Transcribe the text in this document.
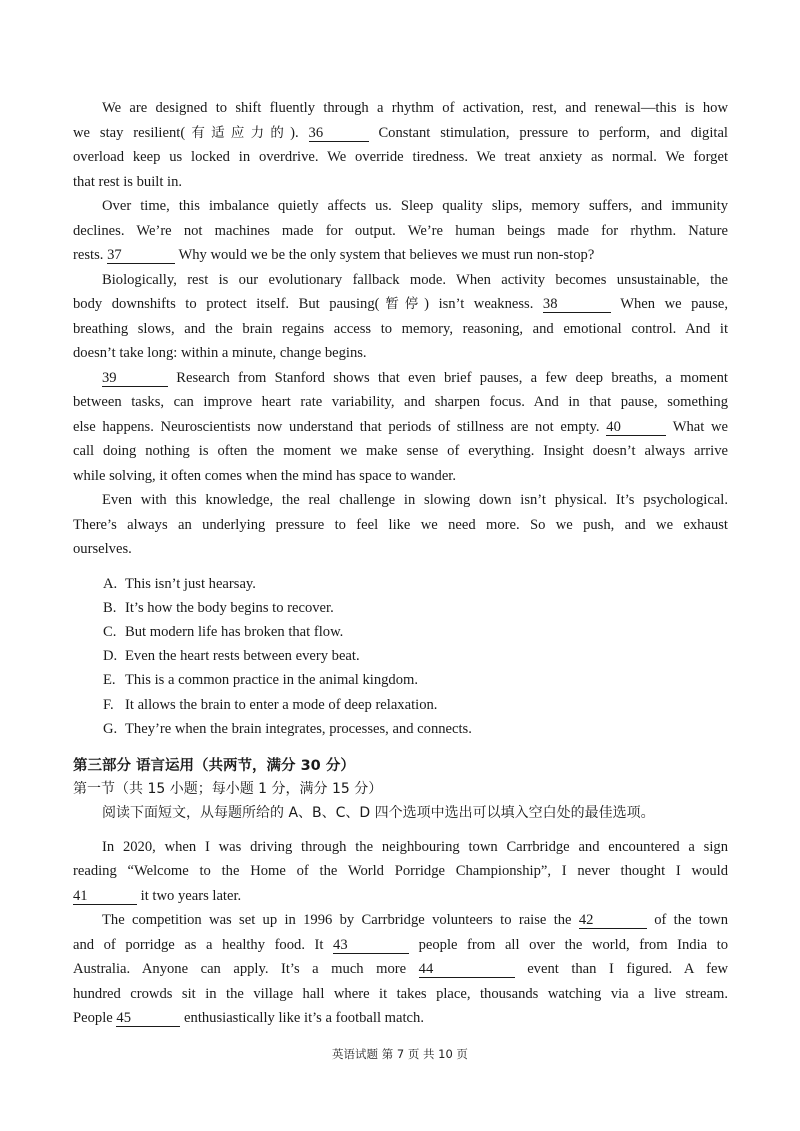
We are designed to shift fluently through a rhythm of activation, rest, and renewal—this is how
we stay resilient(有适应力的). 36	Constant stimulation, pressure to perform, and digital
overload keep us locked in overdrive. We override tiredness. We treat anxiety as normal. We forget
that rest is built in.

Over time, this imbalance quietly affects us. Sleep quality slips, memory suffers, and immunity
declines. We’re not machines made for output. We’re human beings made for rhythm. Nature
rests. 37	Why would we be the only system that believes we must run non-stop?

Biologically, rest is our evolutionary fallback mode. When activity becomes unsustainable, the
body downshifts to protect itself. But pausing(暂停) isn’t weakness. 38	When we pause,
breathing slows, and the brain regains access to memory, reasoning, and emotional control. And it
doesn’t take long: within a minute, change begins.

39	Research from Stanford shows that even brief pauses, a few deep breaths, a moment
between tasks, can improve heart rate variability, and sharpen focus. And in that pause, something
else happens. Neuroscientists now understand that periods of stillness are not empty. 40	What we
call doing nothing is often the moment we make sense of everything. Insight doesn’t always arrive
while solving, it often comes when the mind has space to wander.

Even with this knowledge, the real challenge in slowing down isn’t physical. It’s psychological.
There’s always an underlying pressure to feel like we need more. So we push, and we exhaust
ourselves.

A. This isn’t just hearsay.
B. It’s how the body begins to recover.
C. But modern life has broken that flow.
D. Even the heart rests between every beat.
E. This is a common practice in the animal kingdom.
F. It allows the brain to enter a mode of deep relaxation.
G. They’re when the brain integrates, processes, and connects.
第三部分 语言运用（共两节，满分 30 分）
第一节（共 15 小题；每小题 1 分，满分 15 分）
阅读下面短文，从每题所给的 A、B、C、D 四个选项中选出可以填入空白处的最佳选项。

In 2020, when I was driving through the neighbouring town Carrbridge and encountered a sign
reading “Welcome to the Home of the World Porridge Championship”, I never thought I would
41	it two years later.

The competition was set up in 1996 by Carrbridge volunteers to raise the 42	of the town
and of porridge as a healthy food. It 43	people from all over the world, from India to
Australia. Anyone can apply. It’s a much more 44	event than I figured. A few
hundred crowds sit in the village hall where it takes place, thousands watching via a live stream.
People 45	enthusiastically like it’s a football match.

英语试题 第 7 页 共 10 页
